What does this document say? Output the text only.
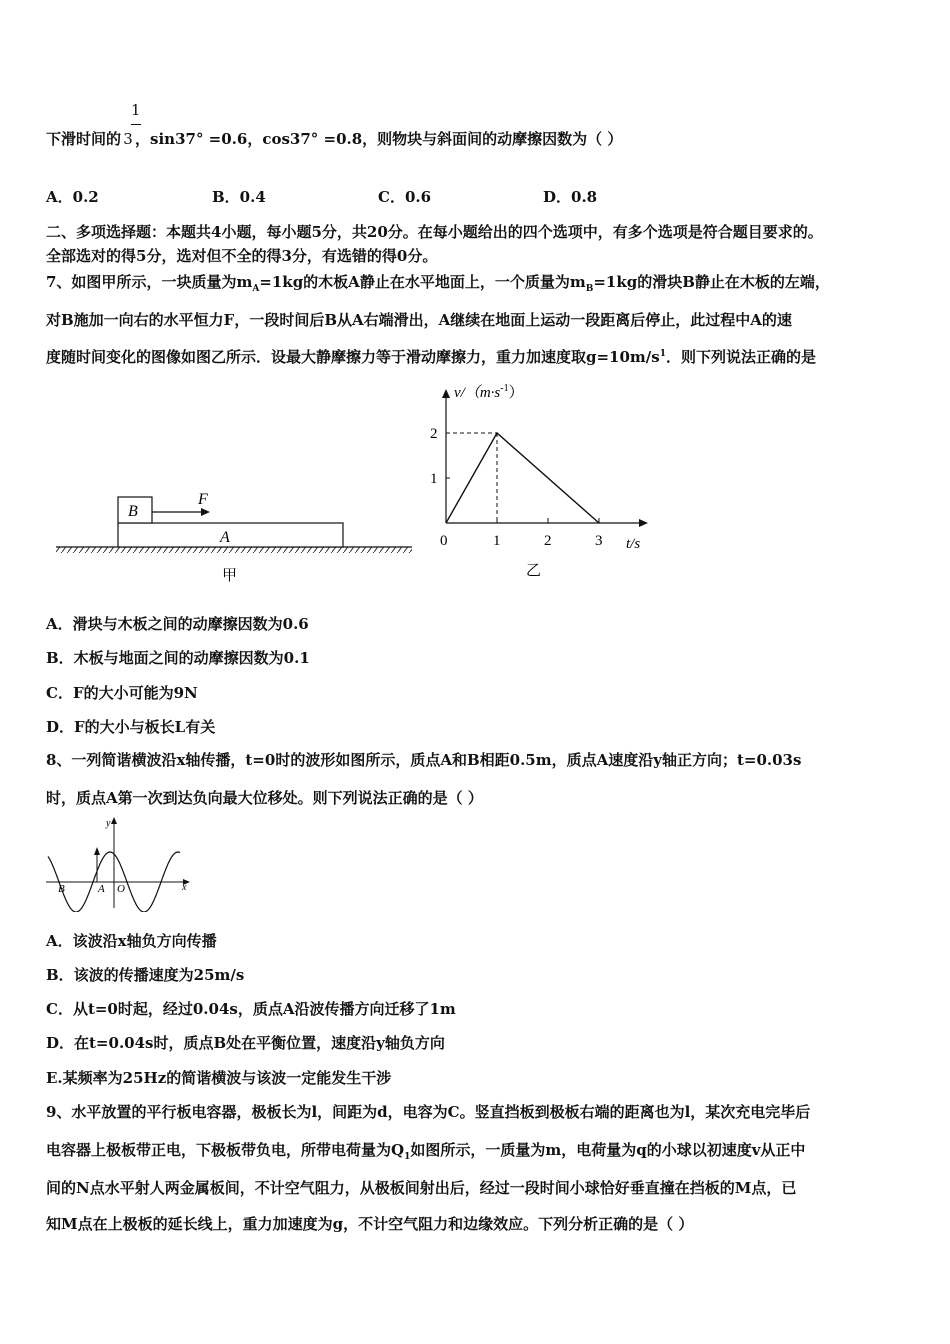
1
下滑时间的 3 ，sin37° =0.6，cos37° =0.8，则物块与斜面间的动摩擦因数为（ ）
A．0.2	B．0.4	C．0.6	D．0.8
二、多项选择题：本题共4小题，每小题5分，共20分。在每小题给出的四个选项中，有多个选项是符合题目要求的。
全部选对的得5分，选对但不全的得3分，有选错的得0分。
7、如图甲所示，一块质量为$m_A=1kg$的木板A静止在水平地面上，一个质量为$m_B=1kg$的滑块B静止在木板的左端，
对B施加一向右的水平恒力F，一段时间后B从A右端滑出，A继续在地面上运动一段距离后停止，此过程中A的速
度随时间变化的图像如图乙所示．设最大静摩擦力等于滑动摩擦力，重力加速度取$g=10m/s^1$．则下列说法正确的是
B
A
F
甲
$v/(m\cdot s^{-1})$
t/s
0	1	2	3
1
2
乙
A．滑块与木板之间的动摩擦因数为0.6
B．木板与地面之间的动摩擦因数为0.1
C．F的大小可能为9N
D．F的大小与板长L有关
8、一列简谐横波沿x轴传播，t=0时的波形如图所示，质点A和B相距0.5m，质点A速度沿y轴正方向；t=0.03s
时，质点A第一次到达负向最大位移处。则下列说法正确的是（ ）
y
x
B	A O
A．该波沿x轴负方向传播
B．该波的传播速度为25m/s
C．从t=0时起，经过0.04s，质点A沿波传播方向迁移了1m
D．在t=0.04s时，质点B处在平衡位置，速度沿y轴负方向
E.某频率为25Hz的简谐横波与该波一定能发生干涉
9、水平放置的平行板电容器，极板长为l，间距为d，电容为C。竖直挡板到极板右端的距离也为l，某次充电完毕后
电容器上极板带正电，下极板带负电，所带电荷量为$Q_1$如图所示，一质量为m，电荷量为q的小球以初速度v从正中
间的N点水平射人两金属板间，不计空气阻力，从极板间射出后，经过一段时间小球恰好垂直撞在挡板的M点，已
知M点在上极板的延长线上，重力加速度为g，不计空气阻力和边缘效应。下列分析正确的是（ ）
